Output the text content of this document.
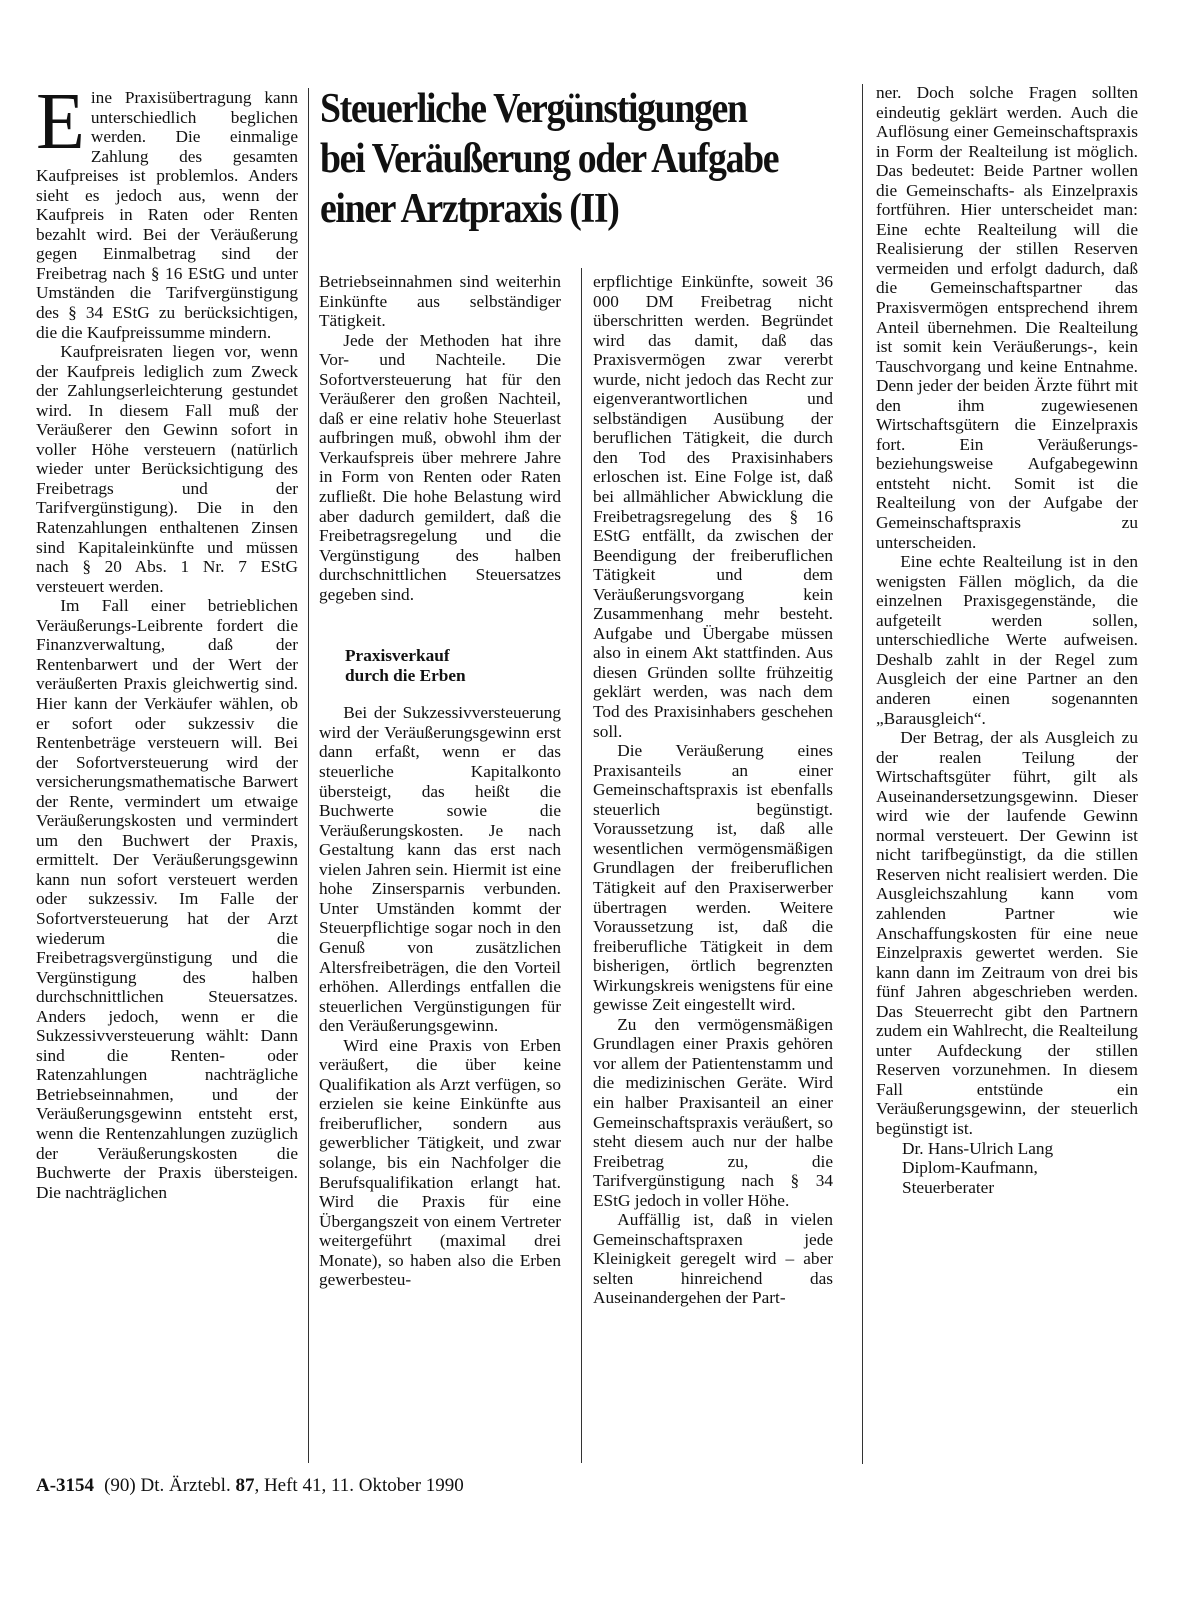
Steuerliche Vergünstigungen bei Veräußerung oder Aufgabe einer Arztpraxis (II)

Eine Praxisübertragung kann unterschiedlich beglichen werden. Die einmalige Zahlung des gesamten Kaufpreises ist problemlos. Anders sieht es jedoch aus, wenn der Kaufpreis in Raten oder Renten bezahlt wird. Bei der Veräußerung gegen Einmalbetrag sind der Freibetrag nach § 16 EStG und unter Umständen die Tarifvergünstigung des § 34 EStG zu berücksichtigen, die die Kaufpreissumme mindern.

Kaufpreisraten liegen vor, wenn der Kaufpreis lediglich zum Zweck der Zahlungserleichterung gestundet wird. In diesem Fall muß der Veräußerer den Gewinn sofort in voller Höhe versteuern (natürlich wieder unter Berücksichtigung des Freibetrags und der Tarifvergünstigung). Die in den Ratenzahlungen enthaltenen Zinsen sind Kapitaleinkünfte und müssen nach § 20 Abs. 1 Nr. 7 EStG versteuert werden.

Im Fall einer betrieblichen Veräußerungs-Leibrente fordert die Finanzverwaltung, daß der Rentenbarwert und der Wert der veräußerten Praxis gleichwertig sind. Hier kann der Verkäufer wählen, ob er sofort oder sukzessiv die Rentenbeträge versteuern will. Bei der Sofortversteuerung wird der versicherungsmathematische Barwert der Rente, vermindert um etwaige Veräußerungskosten und vermindert um den Buchwert der Praxis, ermittelt. Der Veräußerungsgewinn kann nun sofort versteuert werden oder sukzessiv. Im Falle der Sofortversteuerung hat der Arzt wiederum die Freibetragsvergünstigung und die Vergünstigung des halben durchschnittlichen Steuersatzes. Anders jedoch, wenn er die Sukzessivversteuerung wählt: Dann sind die Renten- oder Ratenzahlungen nachträgliche Betriebseinnahmen, und der Veräußerungsgewinn entsteht erst, wenn die Rentenzahlungen zuzüglich der Veräußerungskosten die Buchwerte der Praxis übersteigen. Die nachträglichen

Betriebseinnahmen sind weiterhin Einkünfte aus selbständiger Tätigkeit.

Jede der Methoden hat ihre Vor- und Nachteile. Die Sofortversteuerung hat für den Veräußerer den großen Nachteil, daß er eine relativ hohe Steuerlast aufbringen muß, obwohl ihm der Verkaufspreis über mehrere Jahre in Form von Renten oder Raten zufließt. Die hohe Belastung wird aber dadurch gemildert, daß die Freibetragsregelung und die Vergünstigung des halben durchschnittlichen Steuersatzes gegeben sind.

Praxisverkauf
durch die Erben

Bei der Sukzessivversteuerung wird der Veräußerungsgewinn erst dann erfaßt, wenn er das steuerliche Kapitalkonto übersteigt, das heißt die Buchwerte sowie die Veräußerungskosten. Je nach Gestaltung kann das erst nach vielen Jahren sein. Hiermit ist eine hohe Zinsersparnis verbunden. Unter Umständen kommt der Steuerpflichtige sogar noch in den Genuß von zusätzlichen Altersfreibeträgen, die den Vorteil erhöhen. Allerdings entfallen die steuerlichen Vergünstigungen für den Veräußerungsgewinn.

Wird eine Praxis von Erben veräußert, die über keine Qualifikation als Arzt verfügen, so erzielen sie keine Einkünfte aus freiberuflicher, sondern aus gewerblicher Tätigkeit, und zwar solange, bis ein Nachfolger die Berufsqualifikation erlangt hat. Wird die Praxis für eine Übergangszeit von einem Vertreter weitergeführt (maximal drei Monate), so haben also die Erben gewerbesteu-

erpflichtige Einkünfte, soweit 36 000 DM Freibetrag nicht überschritten werden. Begründet wird das damit, daß das Praxisvermögen zwar vererbt wurde, nicht jedoch das Recht zur eigenverantwortlichen und selbständigen Ausübung der beruflichen Tätigkeit, die durch den Tod des Praxisinhabers erloschen ist. Eine Folge ist, daß bei allmählicher Abwicklung die Freibetragsregelung des § 16 EStG entfällt, da zwischen der Beendigung der freiberuflichen Tätigkeit und dem Veräußerungsvorgang kein Zusammenhang mehr besteht. Aufgabe und Übergabe müssen also in einem Akt stattfinden. Aus diesen Gründen sollte frühzeitig geklärt werden, was nach dem Tod des Praxisinhabers geschehen soll.

Die Veräußerung eines Praxisanteils an einer Gemeinschaftspraxis ist ebenfalls steuerlich begünstigt. Voraussetzung ist, daß alle wesentlichen vermögensmäßigen Grundlagen der freiberuflichen Tätigkeit auf den Praxiserwerber übertragen werden. Weitere Voraussetzung ist, daß die freiberufliche Tätigkeit in dem bisherigen, örtlich begrenzten Wirkungskreis wenigstens für eine gewisse Zeit eingestellt wird.

Zu den vermögensmäßigen Grundlagen einer Praxis gehören vor allem der Patientenstamm und die medizinischen Geräte. Wird ein halber Praxisanteil an einer Gemeinschaftspraxis veräußert, so steht diesem auch nur der halbe Freibetrag zu, die Tarifvergünstigung nach § 34 EStG jedoch in voller Höhe.

Auffällig ist, daß in vielen Gemeinschaftspraxen jede Kleinigkeit geregelt wird – aber selten hinreichend das Auseinandergehen der Part-

ner. Doch solche Fragen sollten eindeutig geklärt werden. Auch die Auflösung einer Gemeinschaftspraxis in Form der Realteilung ist möglich. Das bedeutet: Beide Partner wollen die Gemeinschafts- als Einzelpraxis fortführen. Hier unterscheidet man: Eine echte Realteilung will die Realisierung der stillen Reserven vermeiden und erfolgt dadurch, daß die Gemeinschaftspartner das Praxisvermögen entsprechend ihrem Anteil übernehmen. Die Realteilung ist somit kein Veräußerungs-, kein Tauschvorgang und keine Entnahme. Denn jeder der beiden Ärzte führt mit den ihm zugewiesenen Wirtschaftsgütern die Einzelpraxis fort. Ein Veräußerungs- beziehungsweise Aufgabegewinn entsteht nicht. Somit ist die Realteilung von der Aufgabe der Gemeinschaftspraxis zu unterscheiden.

Eine echte Realteilung ist in den wenigsten Fällen möglich, da die einzelnen Praxisgegenstände, die aufgeteilt werden sollen, unterschiedliche Werte aufweisen. Deshalb zahlt in der Regel zum Ausgleich der eine Partner an den anderen einen sogenannten „Barausgleich“.

Der Betrag, der als Ausgleich zu der realen Teilung der Wirtschaftsgüter führt, gilt als Auseinandersetzungsgewinn. Dieser wird wie der laufende Gewinn normal versteuert. Der Gewinn ist nicht tarifbegünstigt, da die stillen Reserven nicht realisiert werden. Die Ausgleichszahlung kann vom zahlenden Partner wie Anschaffungskosten für eine neue Einzelpraxis gewertet werden. Sie kann dann im Zeitraum von drei bis fünf Jahren abgeschrieben werden. Das Steuerrecht gibt den Partnern zudem ein Wahlrecht, die Realteilung unter Aufdeckung der stillen Reserven vorzunehmen. In diesem Fall entstünde ein Veräußerungsgewinn, der steuerlich begünstigt ist.

Dr. Hans-Ulrich Lang
Diplom-Kaufmann,
Steuerberater
A-3154 (90) Dt. Ärztebl. 87, Heft 41, 11. Oktober 1990
